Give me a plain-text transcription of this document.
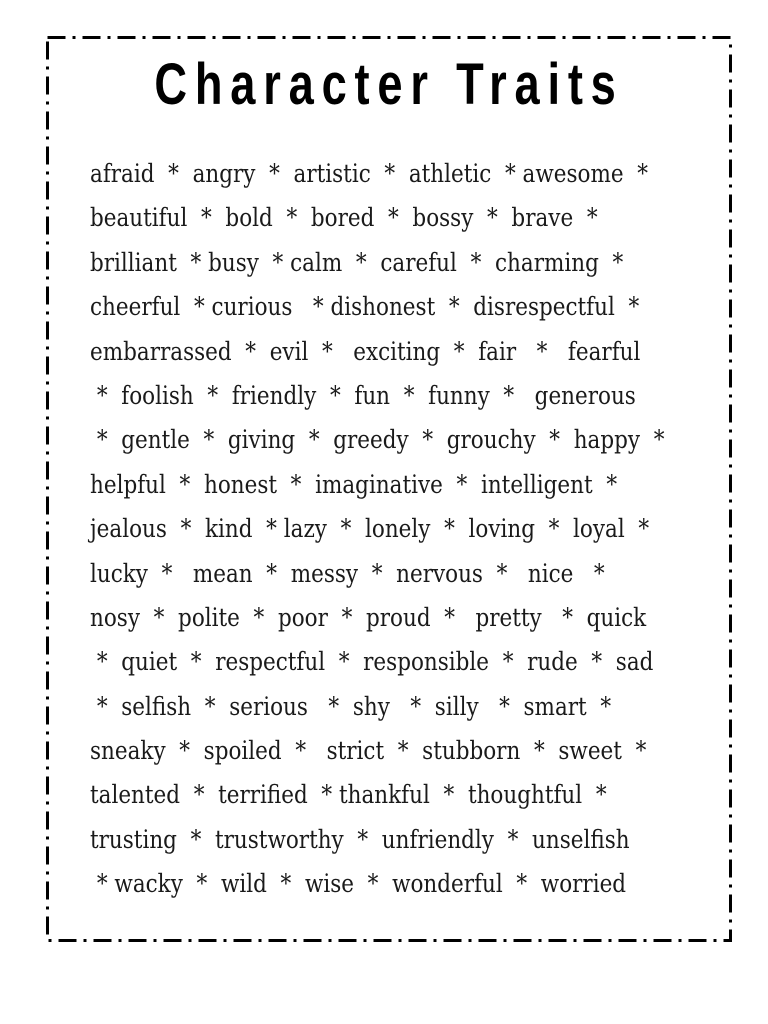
Character Traits
afraid  *  angry  *  artistic  *  athletic  * awesome  *
beautiful  *  bold  *  bored  *  bossy  *  brave  *
brilliant  * busy  * calm  *  careful  *  charming  *
cheerful  * curious   * dishonest  *  disrespectful  *
embarrassed  *  evil  *   exciting  *  fair   *   fearful
*  foolish  *  friendly  *  fun  *  funny  *   generous
*  gentle  *  giving  *  greedy  *  grouchy  *  happy  *
helpful  *  honest  *  imaginative  *  intelligent  *
jealous  *  kind  * lazy  *  lonely  *  loving  *  loyal  *
lucky  *   mean  *  messy  *  nervous  *   nice   *
nosy  *  polite  *  poor  *  proud  *   pretty   *  quick
*  quiet  *  respectful  *  responsible  *  rude  *  sad
*  selfish  *  serious   *  shy   *  silly   *  smart  *
sneaky  *  spoiled  *   strict  *  stubborn  *  sweet  *
talented  *  terrified  * thankful  *  thoughtful  *
trusting  *  trustworthy  *  unfriendly  *  unselfish
* wacky  *  wild  *  wise  *  wonderful  *  worried
